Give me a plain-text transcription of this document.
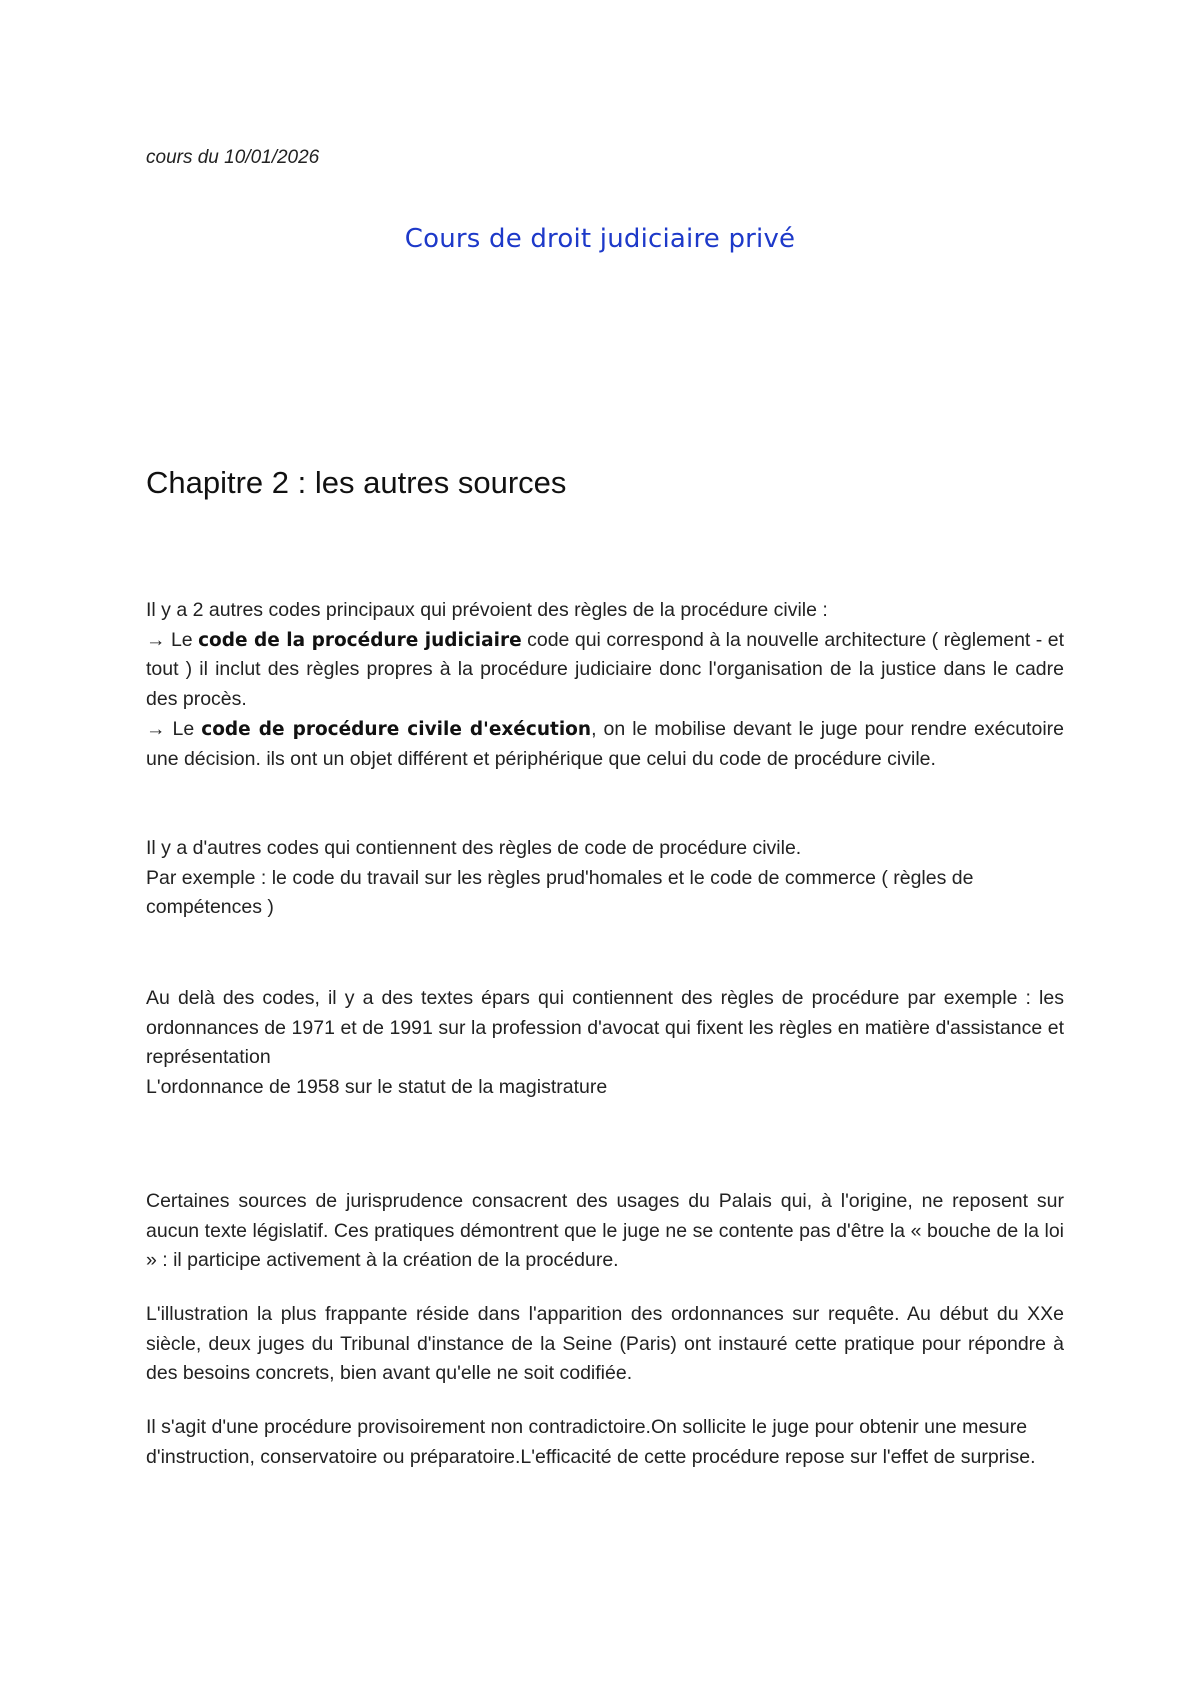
cours du 10/01/2026
Cours de droit judiciaire privé
Chapitre 2 : les autres sources

Il y a 2 autres codes principaux qui prévoient des règles de la procédure civile :

→ Le code de la procédure judiciaire code qui correspond à la nouvelle architecture ( règlement - et tout ) il inclut des règles propres à la procédure judiciaire donc l'organisation de la justice dans le cadre des procès.

→ Le code de procédure civile d'exécution, on le mobilise devant le juge pour rendre exécutoire une décision. ils ont un objet différent et périphérique que celui du code de procédure civile.

Il y a d'autres codes qui contiennent des règles de code de procédure civile.

Par exemple : le code du travail sur les règles prud'homales et le code de commerce ( règles de compétences )

Au delà des codes, il y a des textes épars qui contiennent des règles de procédure par exemple : les ordonnances de 1971 et de 1991 sur la profession d'avocat qui fixent les règles en matière d'assistance et représentation

L'ordonnance de 1958 sur le statut de la magistrature

Certaines sources de jurisprudence consacrent des usages du Palais qui, à l'origine, ne reposent sur aucun texte législatif. Ces pratiques démontrent que le juge ne se contente pas d'être la « bouche de la loi » : il participe activement à la création de la procédure.

L'illustration la plus frappante réside dans l'apparition des ordonnances sur requête. Au début du XXe siècle, deux juges du Tribunal d'instance de la Seine (Paris) ont instauré cette pratique pour répondre à des besoins concrets, bien avant qu'elle ne soit codifiée.

Il s'agit d'une procédure provisoirement non contradictoire.On sollicite le juge pour obtenir une mesure d'instruction, conservatoire ou préparatoire.L'efficacité de cette procédure repose sur l'effet de surprise.
